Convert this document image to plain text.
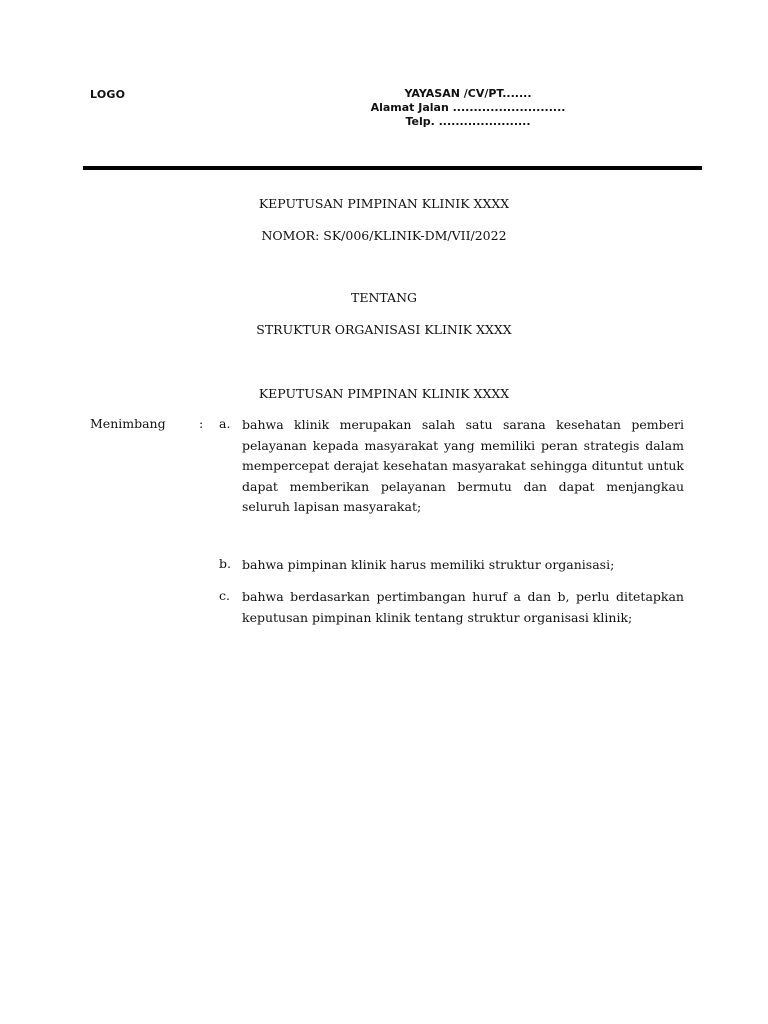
LOGO	YAYASAN /CV/PT.......
Alamat Jalan ...........................
Telp. ......................
KEPUTUSAN PIMPINAN KLINIK XXXX
NOMOR: SK/006/KLINIK-DM/VII/2022
TENTANG
STRUKTUR ORGANISASI KLINIK XXXX
KEPUTUSAN PIMPINAN KLINIK XXXX
Menimbang	: a. bahwa klinik merupakan salah satu sarana kesehatan pemberi pelayanan kepada masyarakat yang memiliki peran strategis dalam mempercepat derajat kesehatan masyarakat sehingga dituntut untuk dapat memberikan pelayanan bermutu dan dapat menjangkau seluruh lapisan masyarakat;
b. bahwa pimpinan klinik harus memiliki struktur organisasi;
c. bahwa berdasarkan pertimbangan huruf a dan b, perlu ditetapkan keputusan pimpinan klinik tentang struktur organisasi klinik;
